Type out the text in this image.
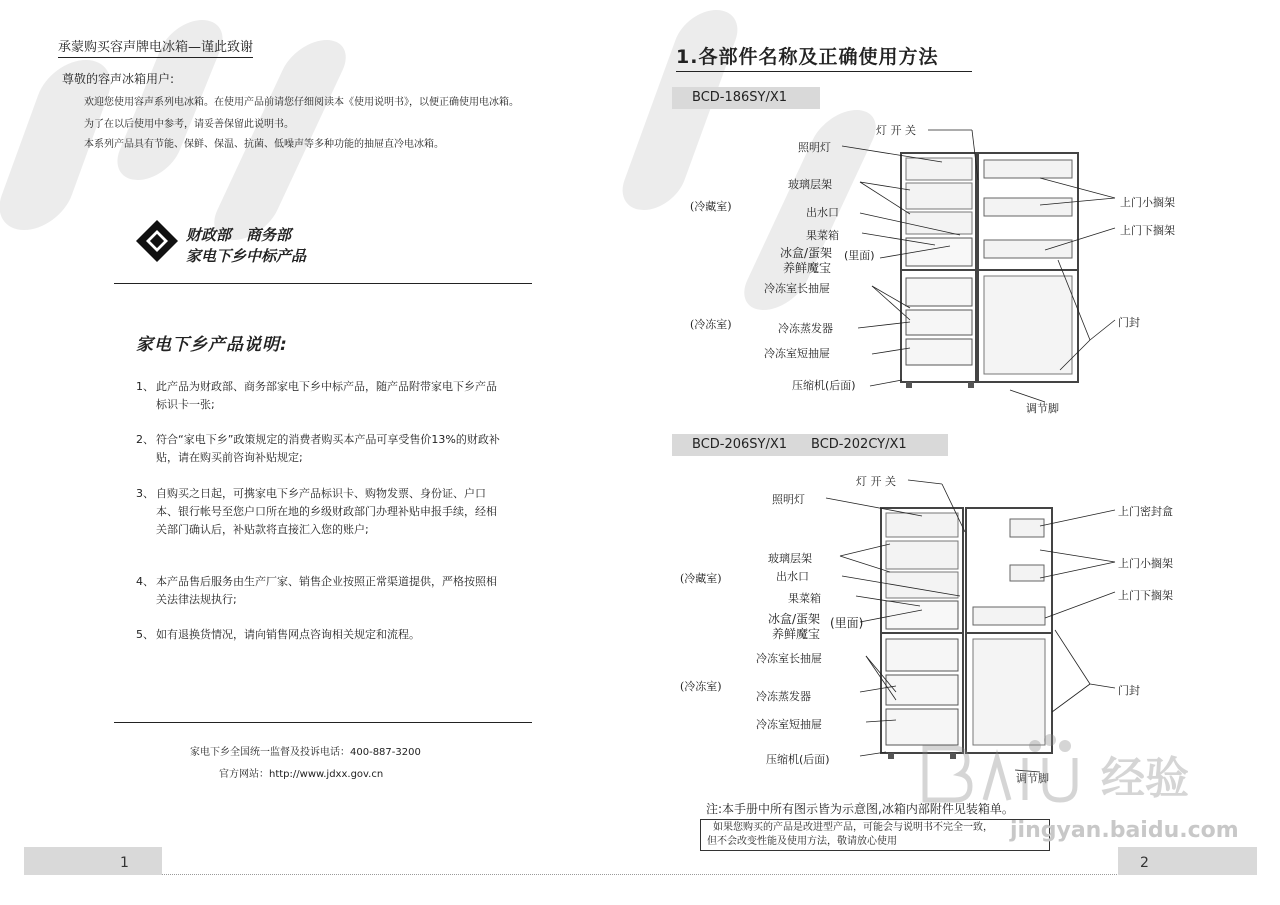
承蒙购买容声牌电冰箱—谨此致谢
尊敬的容声冰箱用户:
欢迎您使用容声系列电冰箱。在使用产品前请您仔细阅读本《使用说明书》，以便正确使用电冰箱。
为了在以后使用中参考，请妥善保留此说明书。
本系列产品具有节能、保鲜、保温、抗菌、低噪声等多种功能的抽屉直冷电冰箱。
财政部　商务部
家电下乡中标产品
家电下乡产品说明:
1、 此产品为财政部、商务部家电下乡中标产品，随产品附带家电下乡产品标识卡一张;
2、 符合“家电下乡”政策规定的消费者购买本产品可享受售价13%的财政补贴，请在购买前咨询补贴规定;
3、 自购买之日起，可携家电下乡产品标识卡、购物发票、身份证、户口本、银行帐号至您户口所在地的乡级财政部门办理补贴申报手续，经相关部门确认后，补贴款将直接汇入您的账户;
4、 本产品售后服务由生产厂家、销售企业按照正常渠道提供，严格按照相关法律法规执行;
5、 如有退换货情况，请向销售网点咨询相关规定和流程。
家电下乡全国统一监督及投诉电话：400-887-3200
官方网站：http://www.jdxx.gov.cn
1
1.各部件名称及正确使用方法
BCD-186SY/X1
灯 开 关
照明灯
玻璃层架
(冷藏室)	出水口
果菜箱
冰盒/蛋架 (里面)
养鲜魔宝
冷冻室长抽屉
(冷冻室)	冷冻蒸发器
冷冻室短抽屉
压缩机(后面)
调节脚
上门小搁架
上门下搁架
门封
BCD-206SY/X1 BCD-202CY/X1
灯 开 关
照明灯
玻璃层架
出水口
(冷藏室)
果菜箱
冰盒/蛋架 (里面)
养鲜魔宝
冷冻室长抽屉
(冷冻室)
冷冻蒸发器
冷冻室短抽屉
压缩机(后面)
调节脚
上门密封盒
上门小搁架
上门下搁架
门封
经验
注:本手册中所有图示皆为示意图,冰箱内部附件见装箱单。
如果您购买的产品是改进型产品，可能会与说明书不完全一致，
但不会改变性能及使用方法，敬请放心使用	jingyan.baidu.com
2
